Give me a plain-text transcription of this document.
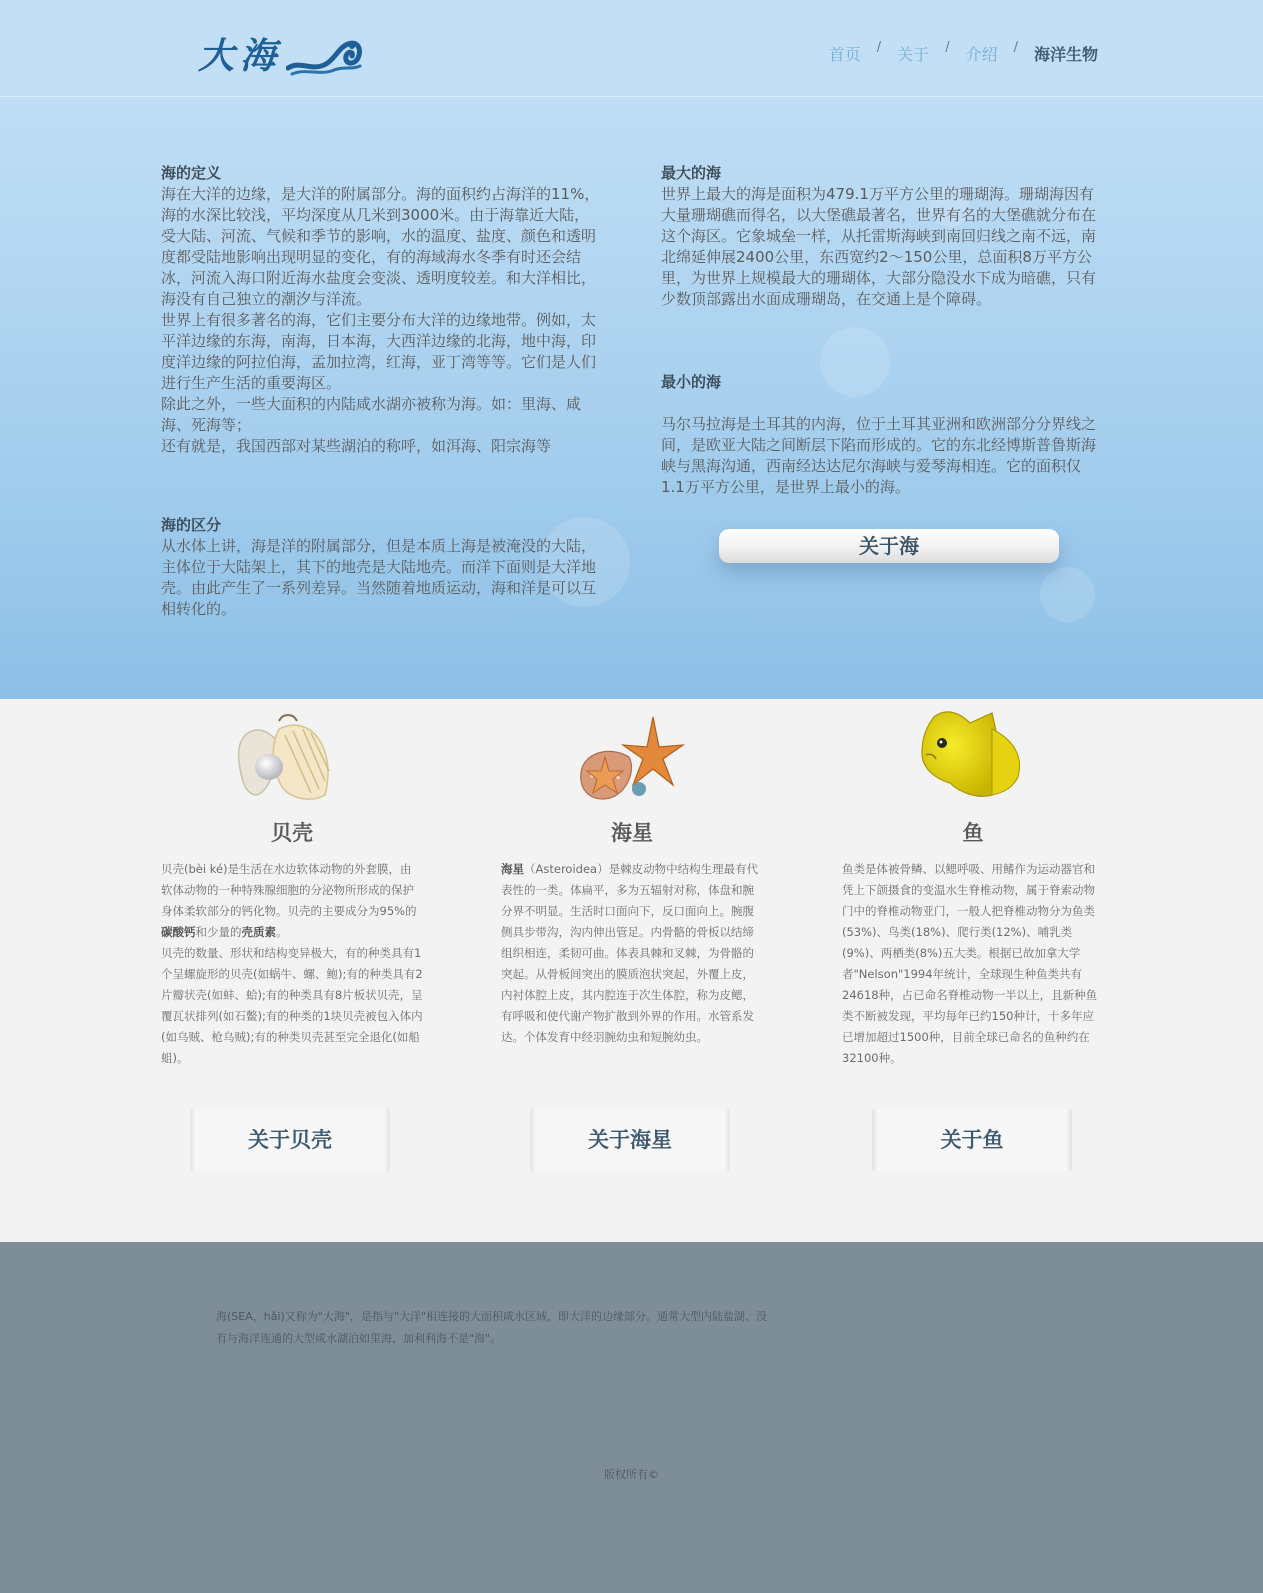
大海	首页 / 关于 / 介绍 / 海洋生物
海的定义

海在大洋的边缘，是大洋的附属部分。海的面积约占海洋的11%，海的水深比较浅，平均深度从几米到3000米。由于海靠近大陆，受大陆、河流、气候和季节的影响，水的温度、盐度、颜色和透明度都受陆地影响出现明显的变化，有的海域海水冬季有时还会结冰，河流入海口附近海水盐度会变淡、透明度较差。和大洋相比，海没有自己独立的潮汐与洋流。

世界上有很多著名的海，它们主要分布大洋的边缘地带。例如，太平洋边缘的东海，南海，日本海，大西洋边缘的北海，地中海，印度洋边缘的阿拉伯海，孟加拉湾，红海，亚丁湾等等。它们是人们进行生产生活的重要海区。

除此之外，一些大面积的内陆咸水湖亦被称为海。如：里海、咸海、死海等；

还有就是，我国西部对某些湖泊的称呼，如洱海、阳宗海等

海的区分

从水体上讲，海是洋的附属部分，但是本质上海是被淹没的大陆，主体位于大陆架上，其下的地壳是大陆地壳。而洋下面则是大洋地壳。由此产生了一系列差异。当然随着地质运动，海和洋是可以互相转化的。

最大的海

世界上最大的海是面积为479.1万平方公里的珊瑚海。珊瑚海因有大量珊瑚礁而得名，以大堡礁最著名，世界有名的大堡礁就分布在这个海区。它象城垒一样，从托雷斯海峡到南回归线之南不远，南北绵延伸展2400公里，东西宽约2～150公里，总面积8万平方公里，为世界上规模最大的珊瑚体，大部分隐没水下成为暗礁，只有少数顶部露出水面成珊瑚岛，在交通上是个障碍。

最小的海

马尔马拉海是土耳其的内海，位于土耳其亚洲和欧洲部分分界线之间，是欧亚大陆之间断层下陷而形成的。它的东北经博斯普鲁斯海峡与黑海沟通，西南经达达尼尔海峡与爱琴海相连。它的面积仅1.1万平方公里，是世界上最小的海。

关于海
贝壳
贝壳(bèi ké)是生活在水边软体动物的外套膜，由软体动物的一种特殊腺细胞的分泌物所形成的保护身体柔软部分的钙化物。贝壳的主要成分为95%的碳酸钙和少量的壳质素。
贝壳的数量、形状和结构变异极大，有的种类具有1个呈螺旋形的贝壳(如蜗牛、螺、鲍);有的种类具有2片瓣状壳(如蚌、蛤);有的种类具有8片板状贝壳，呈覆瓦状排列(如石鳖);有的种类的1块贝壳被包入体内(如乌贼、枪乌贼);有的种类贝壳甚至完全退化(如船蛆)。
关于贝壳
海星
海星（Asteroidea）是棘皮动物中结构生理最有代表性的一类。体扁平，多为五辐射对称，体盘和腕分界不明显。生活时口面向下，反口面向上。腕腹侧具步带沟，沟内伸出管足。内骨骼的骨板以结缔组织相连，柔韧可曲。体表具棘和叉棘，为骨骼的突起。从骨板间突出的膜质泡状突起，外覆上皮，内衬体腔上皮，其内腔连于次生体腔，称为皮鳃，有呼吸和使代谢产物扩散到外界的作用。水管系发达。个体发育中经羽腕幼虫和短腕幼虫。
关于海星
鱼
鱼类是体被骨鳞、以鳃呼吸、用鳍作为运动器官和凭上下颌摄食的变温水生脊椎动物，属于脊索动物门中的脊椎动物亚门，一般人把脊椎动物分为鱼类(53%)、鸟类(18%)、爬行类(12%)、哺乳类(9%)、两栖类(8%)五大类。根据已故加拿大学者"Nelson"1994年统计，全球现生种鱼类共有24618种，占已命名脊椎动物一半以上，且新种鱼类不断被发现，平均每年已约150种计，十多年应已增加超过1500种，目前全球已命名的鱼种约在32100种。
关于鱼
海(SEA，hǎi)又称为"大海"，是指与"大洋"相连接的大面积咸水区域，即大洋的边缘部分。通常大型内陆盐湖、没有与海洋连通的大型咸水湖泊如里海，加利利海不是"海"。
版权所有©
